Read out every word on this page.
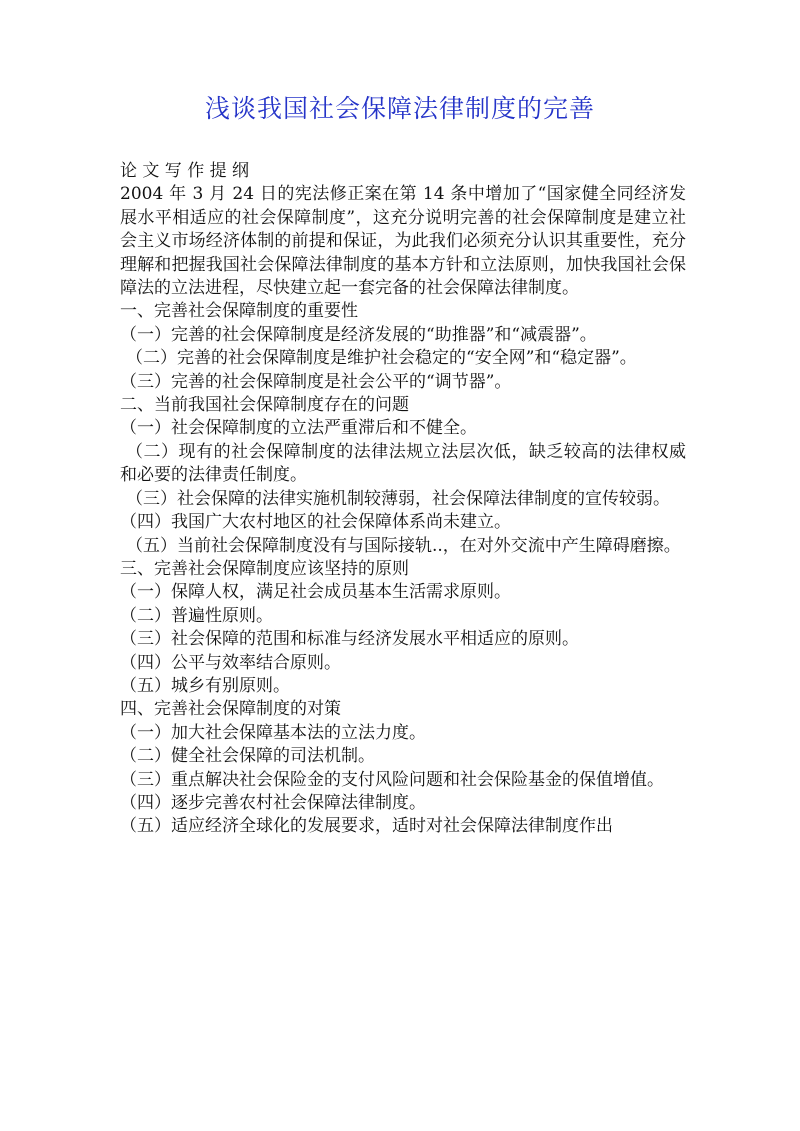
浅谈我国社会保障法律制度的完善

论 文 写 作 提 纲

2004 年 3 月 24 日的宪法修正案在第 14 条中增加了“国家健全同经济发展水平相适应的社会保障制度”，这充分说明完善的社会保障制度是建立社会主义市场经济体制的前提和保证，为此我们必须充分认识其重要性，充分理解和把握我国社会保障法律制度的基本方针和立法原则，加快我国社会保障法的立法进程，尽快建立起一套完备的社会保障法律制度。

一、完善社会保障制度的重要性

（一）完善的社会保障制度是经济发展的“助推器”和“减震器”。

（二）完善的社会保障制度是维护社会稳定的“安全网”和“稳定器”。

（三）完善的社会保障制度是社会公平的“调节器”。

二、当前我国社会保障制度存在的问题

（一）社会保障制度的立法严重滞后和不健全。

（二）现有的社会保障制度的法律法规立法层次低，缺乏较高的法律权威和必要的法律责任制度。

（三）社会保障的法律实施机制较薄弱，社会保障法律制度的宣传较弱。

（四）我国广大农村地区的社会保障体系尚未建立。

（五）当前社会保障制度没有与国际接轨..，在对外交流中产生障碍磨擦。

三、完善社会保障制度应该坚持的原则

（一）保障人权，满足社会成员基本生活需求原则。

（二）普遍性原则。

（三）社会保障的范围和标准与经济发展水平相适应的原则。

（四）公平与效率结合原则。

（五）城乡有别原则。

四、完善社会保障制度的对策

（一）加大社会保障基本法的立法力度。

（二）健全社会保障的司法机制。

（三）重点解决社会保险金的支付风险问题和社会保险基金的保值增值。

（四）逐步完善农村社会保障法律制度。

（五）适应经济全球化的发展要求，适时对社会保障法律制度作出
